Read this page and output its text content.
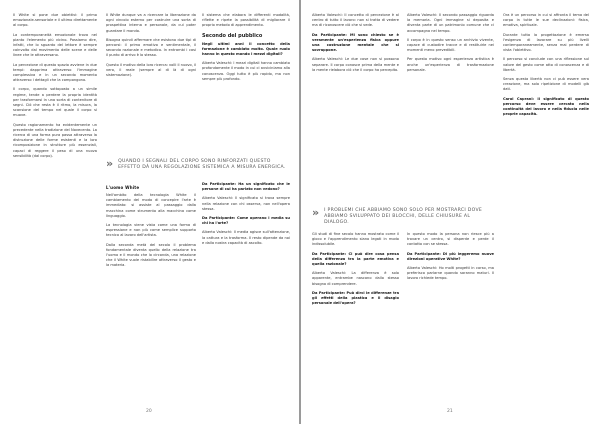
Il White si pone due obiettivi: il primo emozionale-sensoriale e il ultimo direttamente al corpo.

La contemporaneità emozionale trova nel pianto l'elemento più vicino. Possiamo dire, infatti, che lo sguardo del lettore è sempre coinvolto dal movimento delle scene e delle linee che le attraversano.

La percezione di questo spazio avviene in due tempi: dapprima attraverso l'immagine complessiva e in un secondo momento attraverso i dettagli che la compongono.

Il corpo, quando sottoposto a un simile regime, tende a perdere la propria identità per trasformarsi in una sorta di contenitore di segni. Ciò che resta è il ritmo, la misura, la scansione del tempo nel quale il corpo si muove.

Questo ragionamento ha evidentemente un precedente nella tradizione del Novecento. La ricerca di una forma pura passa attraverso la distruzione delle forme esistenti e la loro ricomposizione in strutture più essenziali, capaci di reggere il peso di una nuova sensibilità (dal corpo).

Il White dunque va a ricercare la liberazione da ogni vincolo esterno per costruire una sorta di prospettiva interna e personale, da cui poter guardare il mondo.

Bisogna quindi affermare che esistono due tipi di percorsi: il primo emotivo e sentimentale, il secondo razionale e metodico. In entrambi i casi il punto di arrivo è lo stesso.

Questo il motivo della loro ricerca: volli il nuovo, il vero, il reale (sempre al di là di ogni sistemazione).

» QUANDO I SEGNALI DEL CORPO SONO RINFORZATI QUESTO EFFETTO DÀ UNA REGOLAZIONE SISTEMICA A MISURA ENERGICA.
L'uomo White

Nell'ambito della tecnologia White il cambiamento del modo di concepire l'arte è immediato: si assiste al passaggio dalla macchina come strumento alla macchina come linguaggio.

La tecnologia viene vista come una forma di espressione e non più come semplice supporto tecnico al lavoro dell'artista.

Dalla seconda metà del secolo il problema fondamentale diventa quello della relazione tra l'uomo e il mondo che lo circonda, una relazione che il White vuole ristabilire attraverso il gesto e la materia.

Il sistema che elabora le differenti modalità, riflette e ripete la possibilità di migliorare il proprio metodo di apprendimento.

Secondo del pubblico

Negli ultimi anni il concetto della formazione è cambiato molto. Quale ruolo hanno in questo mondo i mezzi digitali?

Alberto Valeschi: I mezzi digitali hanno cambiato profondamente il modo in cui ci avviciniamo alla conoscenza. Oggi tutto è più rapido, ma non sempre più profondo.

Da Participante: Ha un significato che le persone di cui ha parlato non vedono?

Alberto Valeschi: Il significato si trova sempre nella relazione con chi osserva, non nell'opera stessa.

Da Participante: Come operano i media su chi ha l'arte?

Alberto Valeschi: Il media agisce sull'attenzione, la cattura e la trasforma. Il resto dipende da noi e dalla nostra capacità di ascolto.

20

Alberto Valeschi: Il concetto di percezione è al centro di tutto il lavoro: non si tratta di vedere ma di riconoscere ciò che si vede.

Da Participante: Mi sono chiesto se è veramente un'esperienza fisica oppure una costruzione mentale che si sovrappone.

Alberto Valeschi: Le due cose non si possono separare. Il corpo conosce prima della mente e la mente rielabora ciò che il corpo ha percepito.

Alberto Valeschi: Il secondo passaggio riguarda la memoria. Ogni immagine si deposita e diventa parte di un patrimonio comune che ci accompagna nel tempo.

Il corpo è in questo senso un archivio vivente, capace di custodire tracce e di restituirle nei momenti meno prevedibili.

Per questo motivo ogni esperienza artistica è anche un'esperienza di trasformazione personale.

» I PROBLEMI CHE ABBIAMO SONO SOLO PER MOSTRARCI DOVE ABBIAMO SVILUPPATO DEI BLOCCHI, DELLE CHIUSURE AL DIALOGO.

Gli studi di fine secolo hanno mostrato come il gioco e l'apprendimento siano legati in modo indissolubile.

Da Participante: Ci può dire cosa pensa della differenza tra la parte emotiva e quella razionale?

Alberto Valeschi: La differenza è solo apparente, entrambe nascono dallo stesso bisogno di comprendere.

Da Participante: Può dirci le differenze tra gli effetti della plastica e il disagio personale dell'opera?

In questo modo la persona non riesce più a trovare un centro, si disperde e perde il contatto con se stessa.

Da Participante: Di più leggeremo nuove direzioni operative White?

Alberto Valeschi: Ho molti progetti in corso, ma preferisco parlarne quando saranno maturi. Il lavoro richiede tempo.

Ora è un percorso in cui si affronta il tema del corpo in tutte le sue declinazioni: fisica, emotiva, spirituale.

Durante tutta la progettazione è emersa l'esigenza di lavorare su più livelli contemporaneamente, senza mai perdere di vista l'obiettivo.

Il percorso si conclude con una riflessione sul valore del gesto come atto di conoscenza e di libertà.

Senza questa libertà non ci può essere vera creazione, ma solo ripetizione di modelli già dati.

Carol Caprani: Il significato di questo percorso deve essere cercato nella continuità del lavoro e nella fiducia nelle proprie capacità.

21
